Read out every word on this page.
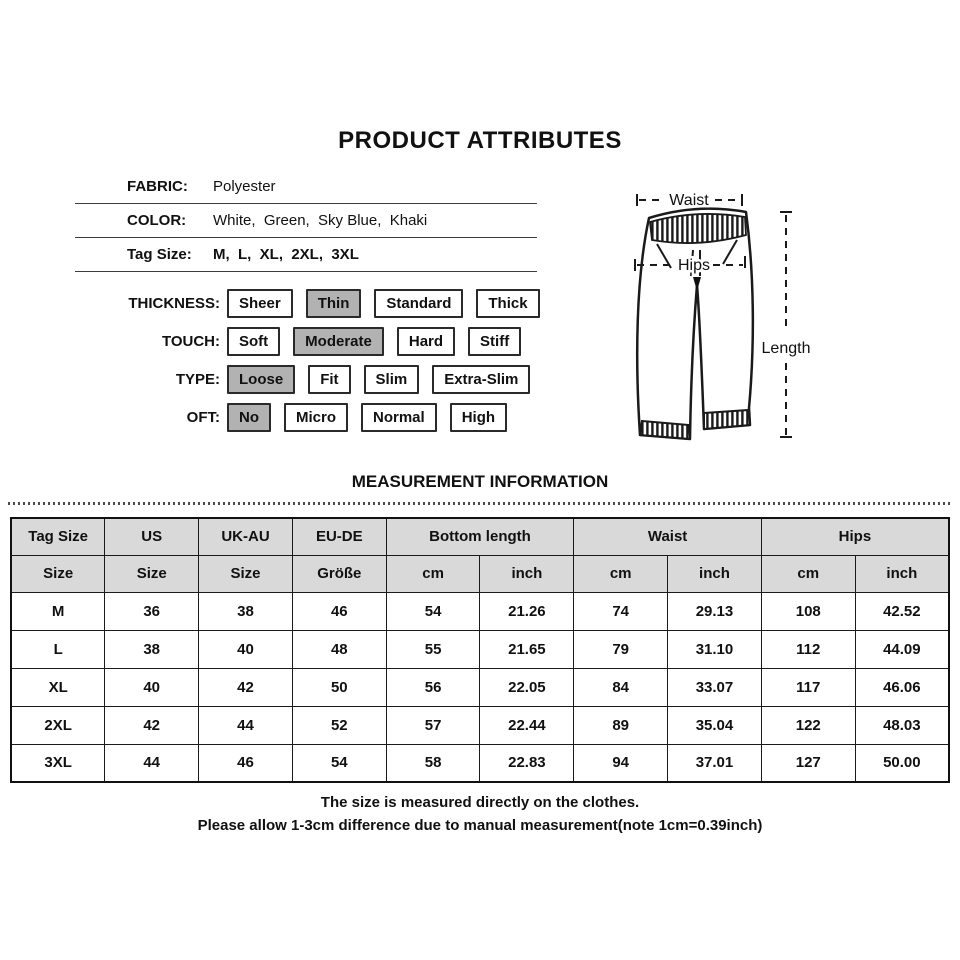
PRODUCT ATTRIBUTES
FABRIC:	Polyester
COLOR:	White,  Green,  Sky Blue,  Khaki
Tag Size:	M,  L,  XL,  2XL,  3XL
THICKNESS:	Sheer	Thin	Standard	Thick
TOUCH:	Soft	Moderate	Hard	Stiff
TYPE:	Loose	Fit	Slim	Extra-Slim
OFT:	No	Micro	Normal	High
Waist
Hips
Length
MEASUREMENT INFORMATION
Tag Size	US	UK-AU	EU-DE	Bottom length		Waist		Hips	
Size	Size	Size	Größe	cm	inch	cm	inch	cm	inch
M	36	38	46	54	21.26	74	29.13	108	42.52
L	38	40	48	55	21.65	79	31.10	112	44.09
XL	40	42	50	56	22.05	84	33.07	117	46.06
2XL	42	44	52	57	22.44	89	35.04	122	48.03
3XL	44	46	54	58	22.83	94	37.01	127	50.00
The size is measured directly on the clothes.
Please allow 1-3cm difference due to manual measurement(note 1cm=0.39inch)
